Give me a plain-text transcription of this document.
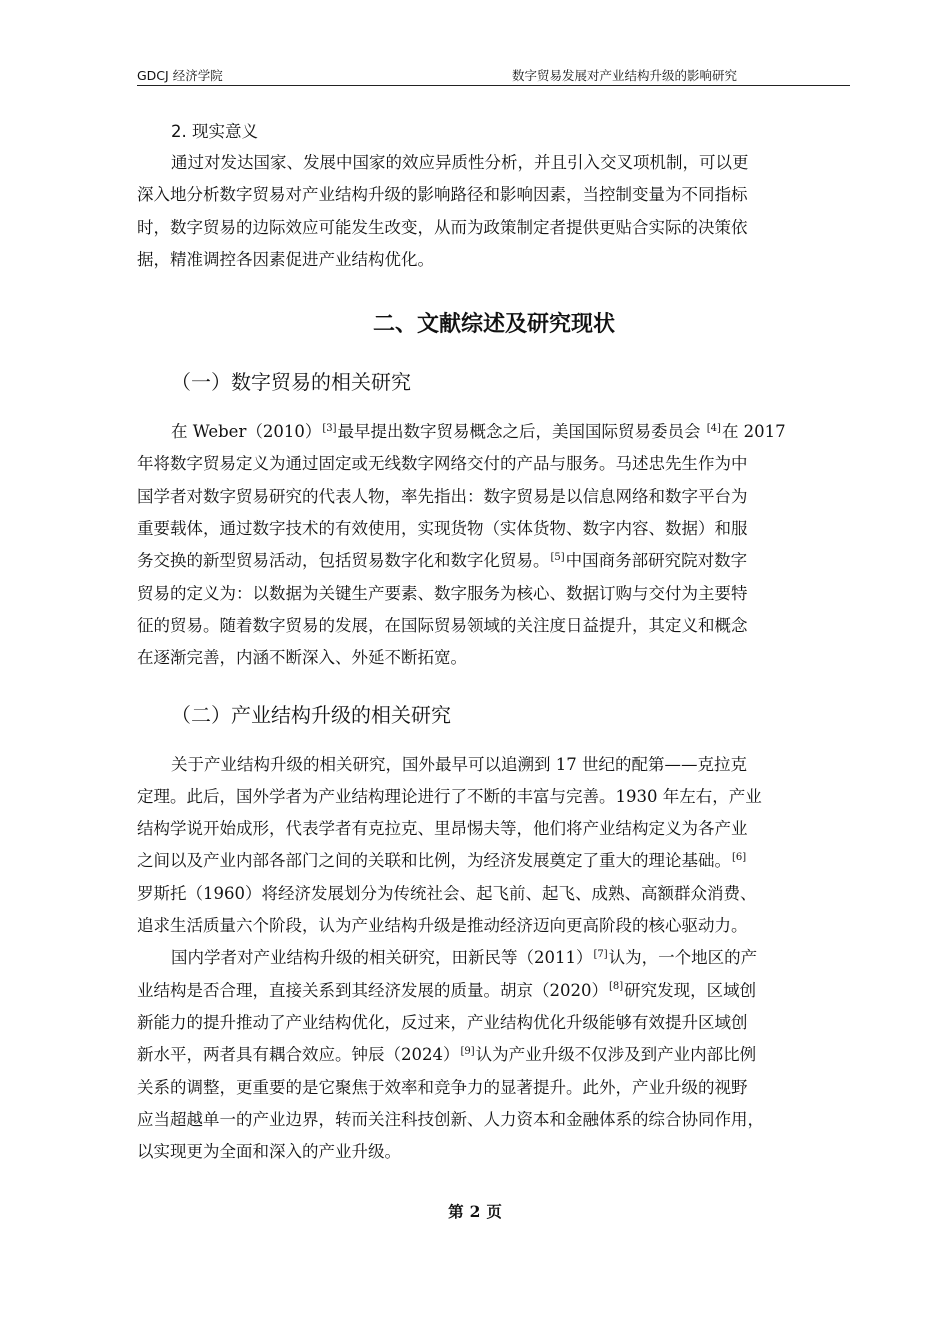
GDCJ 经济学院	数字贸易发展对产业结构升级的影响研究
2. 现实意义

通过对发达国家、发展中国家的效应异质性分析，并且引入交叉项机制，可以更
深入地分析数字贸易对产业结构升级的影响路径和影响因素，当控制变量为不同指标
时，数字贸易的边际效应可能发生改变，从而为政策制定者提供更贴合实际的决策依
据，精准调控各因素促进产业结构优化。

二、文献综述及研究现状
（一）数字贸易的相关研究

在 Weber（2010）[3]最早提出数字贸易概念之后，美国国际贸易委员会 [4]在 2017
年将数字贸易定义为通过固定或无线数字网络交付的产品与服务。马述忠先生作为中
国学者对数字贸易研究的代表人物，率先指出：数字贸易是以信息网络和数字平台为
重要载体，通过数字技术的有效使用，实现货物（实体货物、数字内容、数据）和服
务交换的新型贸易活动，包括贸易数字化和数字化贸易。[5]中国商务部研究院对数字
贸易的定义为：以数据为关键生产要素、数字服务为核心、数据订购与交付为主要特
征的贸易。随着数字贸易的发展，在国际贸易领域的关注度日益提升，其定义和概念
在逐渐完善，内涵不断深入、外延不断拓宽。

（二）产业结构升级的相关研究

关于产业结构升级的相关研究，国外最早可以追溯到 17 世纪的配第——克拉克
定理。此后，国外学者为产业结构理论进行了不断的丰富与完善。1930 年左右，产业
结构学说开始成形，代表学者有克拉克、里昂惕夫等，他们将产业结构定义为各产业
之间以及产业内部各部门之间的关联和比例，为经济发展奠定了重大的理论基础。[6]
罗斯托（1960）将经济发展划分为传统社会、起飞前、起飞、成熟、高额群众消费、
追求生活质量六个阶段，认为产业结构升级是推动经济迈向更高阶段的核心驱动力。

国内学者对产业结构升级的相关研究，田新民等（2011）[7]认为，一个地区的产
业结构是否合理，直接关系到其经济发展的质量。胡京（2020）[8]研究发现，区域创
新能力的提升推动了产业结构优化，反过来，产业结构优化升级能够有效提升区域创
新水平，两者具有耦合效应。钟辰（2024）[9]认为产业升级不仅涉及到产业内部比例
关系的调整，更重要的是它聚焦于效率和竞争力的显著提升。此外，产业升级的视野
应当超越单一的产业边界，转而关注科技创新、人力资本和金融体系的综合协同作用，
以实现更为全面和深入的产业升级。

第 2 页
